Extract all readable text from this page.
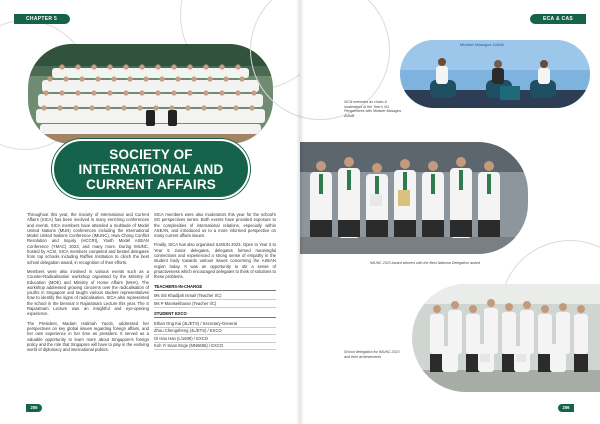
CHAPTER 5
SOCIETY OF
INTERNATIONAL AND
CURRENT AFFAIRS

Throughout this year, the Society of International and Current Affairs (SICA) has been involved in many enriching conferences and events. SICA members have attended a multitude of Model United Nations (MUN) conferences including the International Model United Nations Conference (IMUNC), Hwa Chong Conflict Resolution and Inquiry (HCCRI), Youth Model ASEAN Conference (YMAC) 2023, and many more. During IMUNC, hosted by ACSI, SICA members competed and bested delegates from top schools including Raffles Institution to clinch the best school delegation award, in recognition of their efforts.

Members were also involved in various events such as a Counter-Radicalisation workshop organised by the Ministry of Education (MOE) and Ministry of Home Affairs (MHA). The workshop addressed growing concerns over the radicalisation of youths in Singapore and taught various student representatives how to identify the signs of radicalisation. SICA also represented the school in the biennial S Rajaratnam Lecture this year. The S Rajaratnam Lecture was an insightful and eye-opening experience.

The President, Madam Halimah Yacob, addressed her perspectives on key global issues regarding foreign affairs, and her own experience in her time as president. It served as a valuable opportunity to learn more about Singapore's foreign policy and the role that Singapore will have to play in the evolving world of diplomacy and international politics.

SICA members were also moderators this year for the school's SG perspectives series. Both events have provided exposure to the complexities of international relations, especially within ASEAN, and introduced us to a more informed perspective on many current affairs issues.

Finally, SICA has also organised ILIMUN 2023. Open to Year 3 to Year 5 Junior delegates, delegates formed meaningful connections and experienced a strong sense of empathy in the student body towards various issues concerning the ASEAN region today. It was an opportunity to stir a sense of proactiveness which encouraged delegates to think of solutions to these problems.

TEACHERS-IN-CHARGE
Ms Siti Khadijah Ismail (Teacher I/C)
Ms P Manisekharan (Teacher I/C)
STUDENT EXCO
Ethan Ong Kai (4L/ETS) / Secretary-General
Zhou Chengsheng (4L/ETS) / EXCO
Oi Hao Han (L/1608) / EXCO
Koh Yi Sean Enge (MN6606) / EXCO
205
ECA & CAS
Minister Masagos Zulkifli
SICA members as chairs & moderators of the Year's SG Perspectives with Minister Masagos Zulkifli
IMUNC 2023 Award winners with the Best National Delegation award
School delegation for IMUNC 2023 and their achievements
206
